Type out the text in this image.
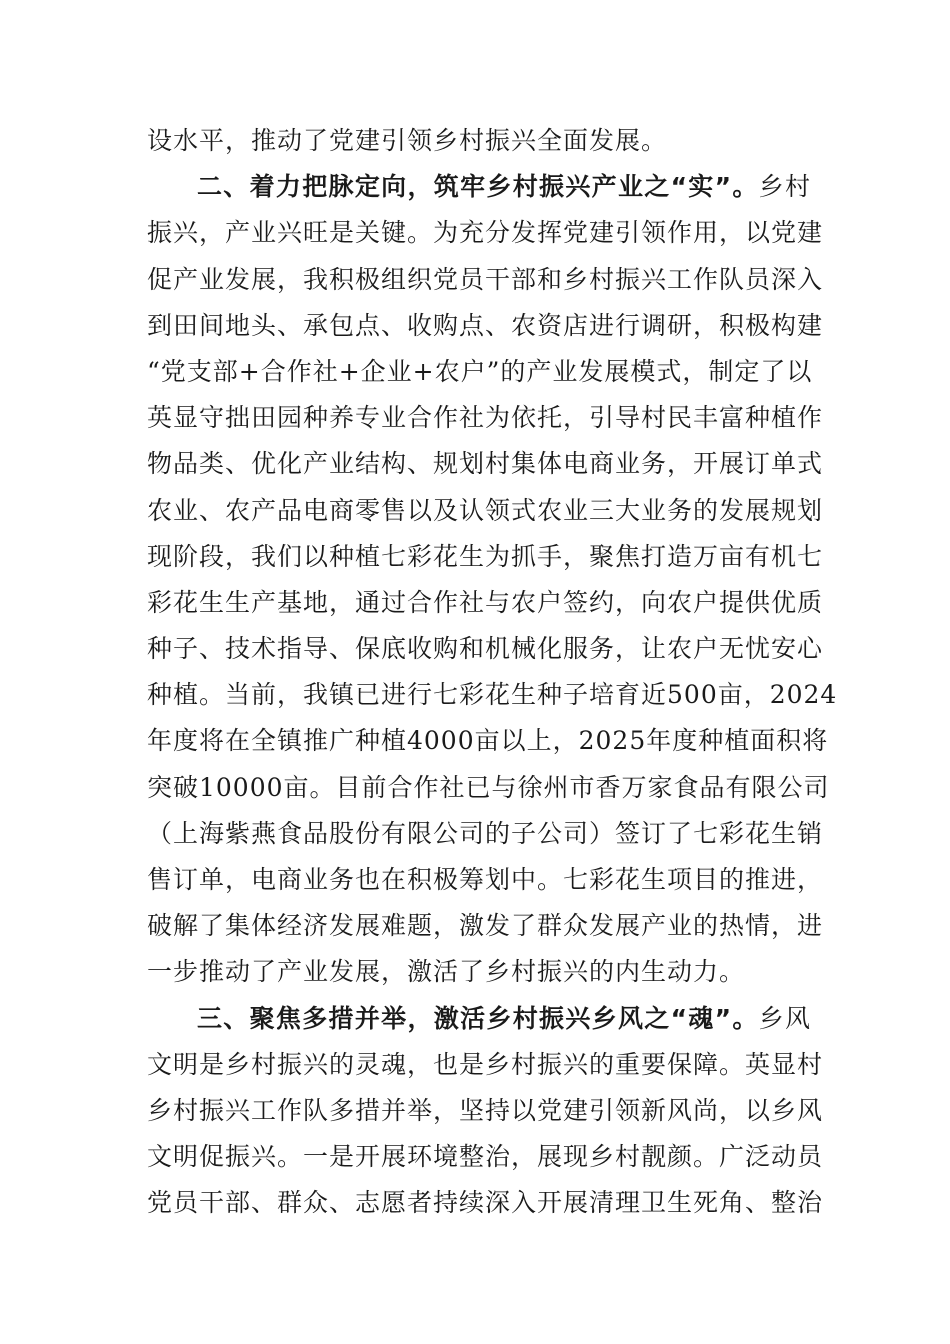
设水平，推动了党建引领乡村振兴全面发展。
二、着力把脉定向，筑牢乡村振兴产业之“实”。乡村
振兴，产业兴旺是关键。为充分发挥党建引领作用，以党建
促产业发展，我积极组织党员干部和乡村振兴工作队员深入
到田间地头、承包点、收购点、农资店进行调研，积极构建
“党支部+合作社+企业+农户”的产业发展模式，制定了以
英显守拙田园种养专业合作社为依托，引导村民丰富种植作
物品类、优化产业结构、规划村集体电商业务，开展订单式
农业、农产品电商零售以及认领式农业三大业务的发展规划
现阶段，我们以种植七彩花生为抓手，聚焦打造万亩有机七
彩花生生产基地，通过合作社与农户签约，向农户提供优质
种子、技术指导、保底收购和机械化服务，让农户无忧安心
种植。当前，我镇已进行七彩花生种子培育近500亩，2024
年度将在全镇推广种植4000亩以上，2025年度种植面积将
突破10000亩。目前合作社已与徐州市香万家食品有限公司
（上海紫燕食品股份有限公司的子公司）签订了七彩花生销
售订单，电商业务也在积极筹划中。七彩花生项目的推进，
破解了集体经济发展难题，激发了群众发展产业的热情，进
一步推动了产业发展，激活了乡村振兴的内生动力。
三、聚焦多措并举，激活乡村振兴乡风之“魂”。乡风
文明是乡村振兴的灵魂，也是乡村振兴的重要保障。英显村
乡村振兴工作队多措并举，坚持以党建引领新风尚，以乡风
文明促振兴。一是开展环境整治，展现乡村靓颜。广泛动员
党员干部、群众、志愿者持续深入开展清理卫生死角、整治
